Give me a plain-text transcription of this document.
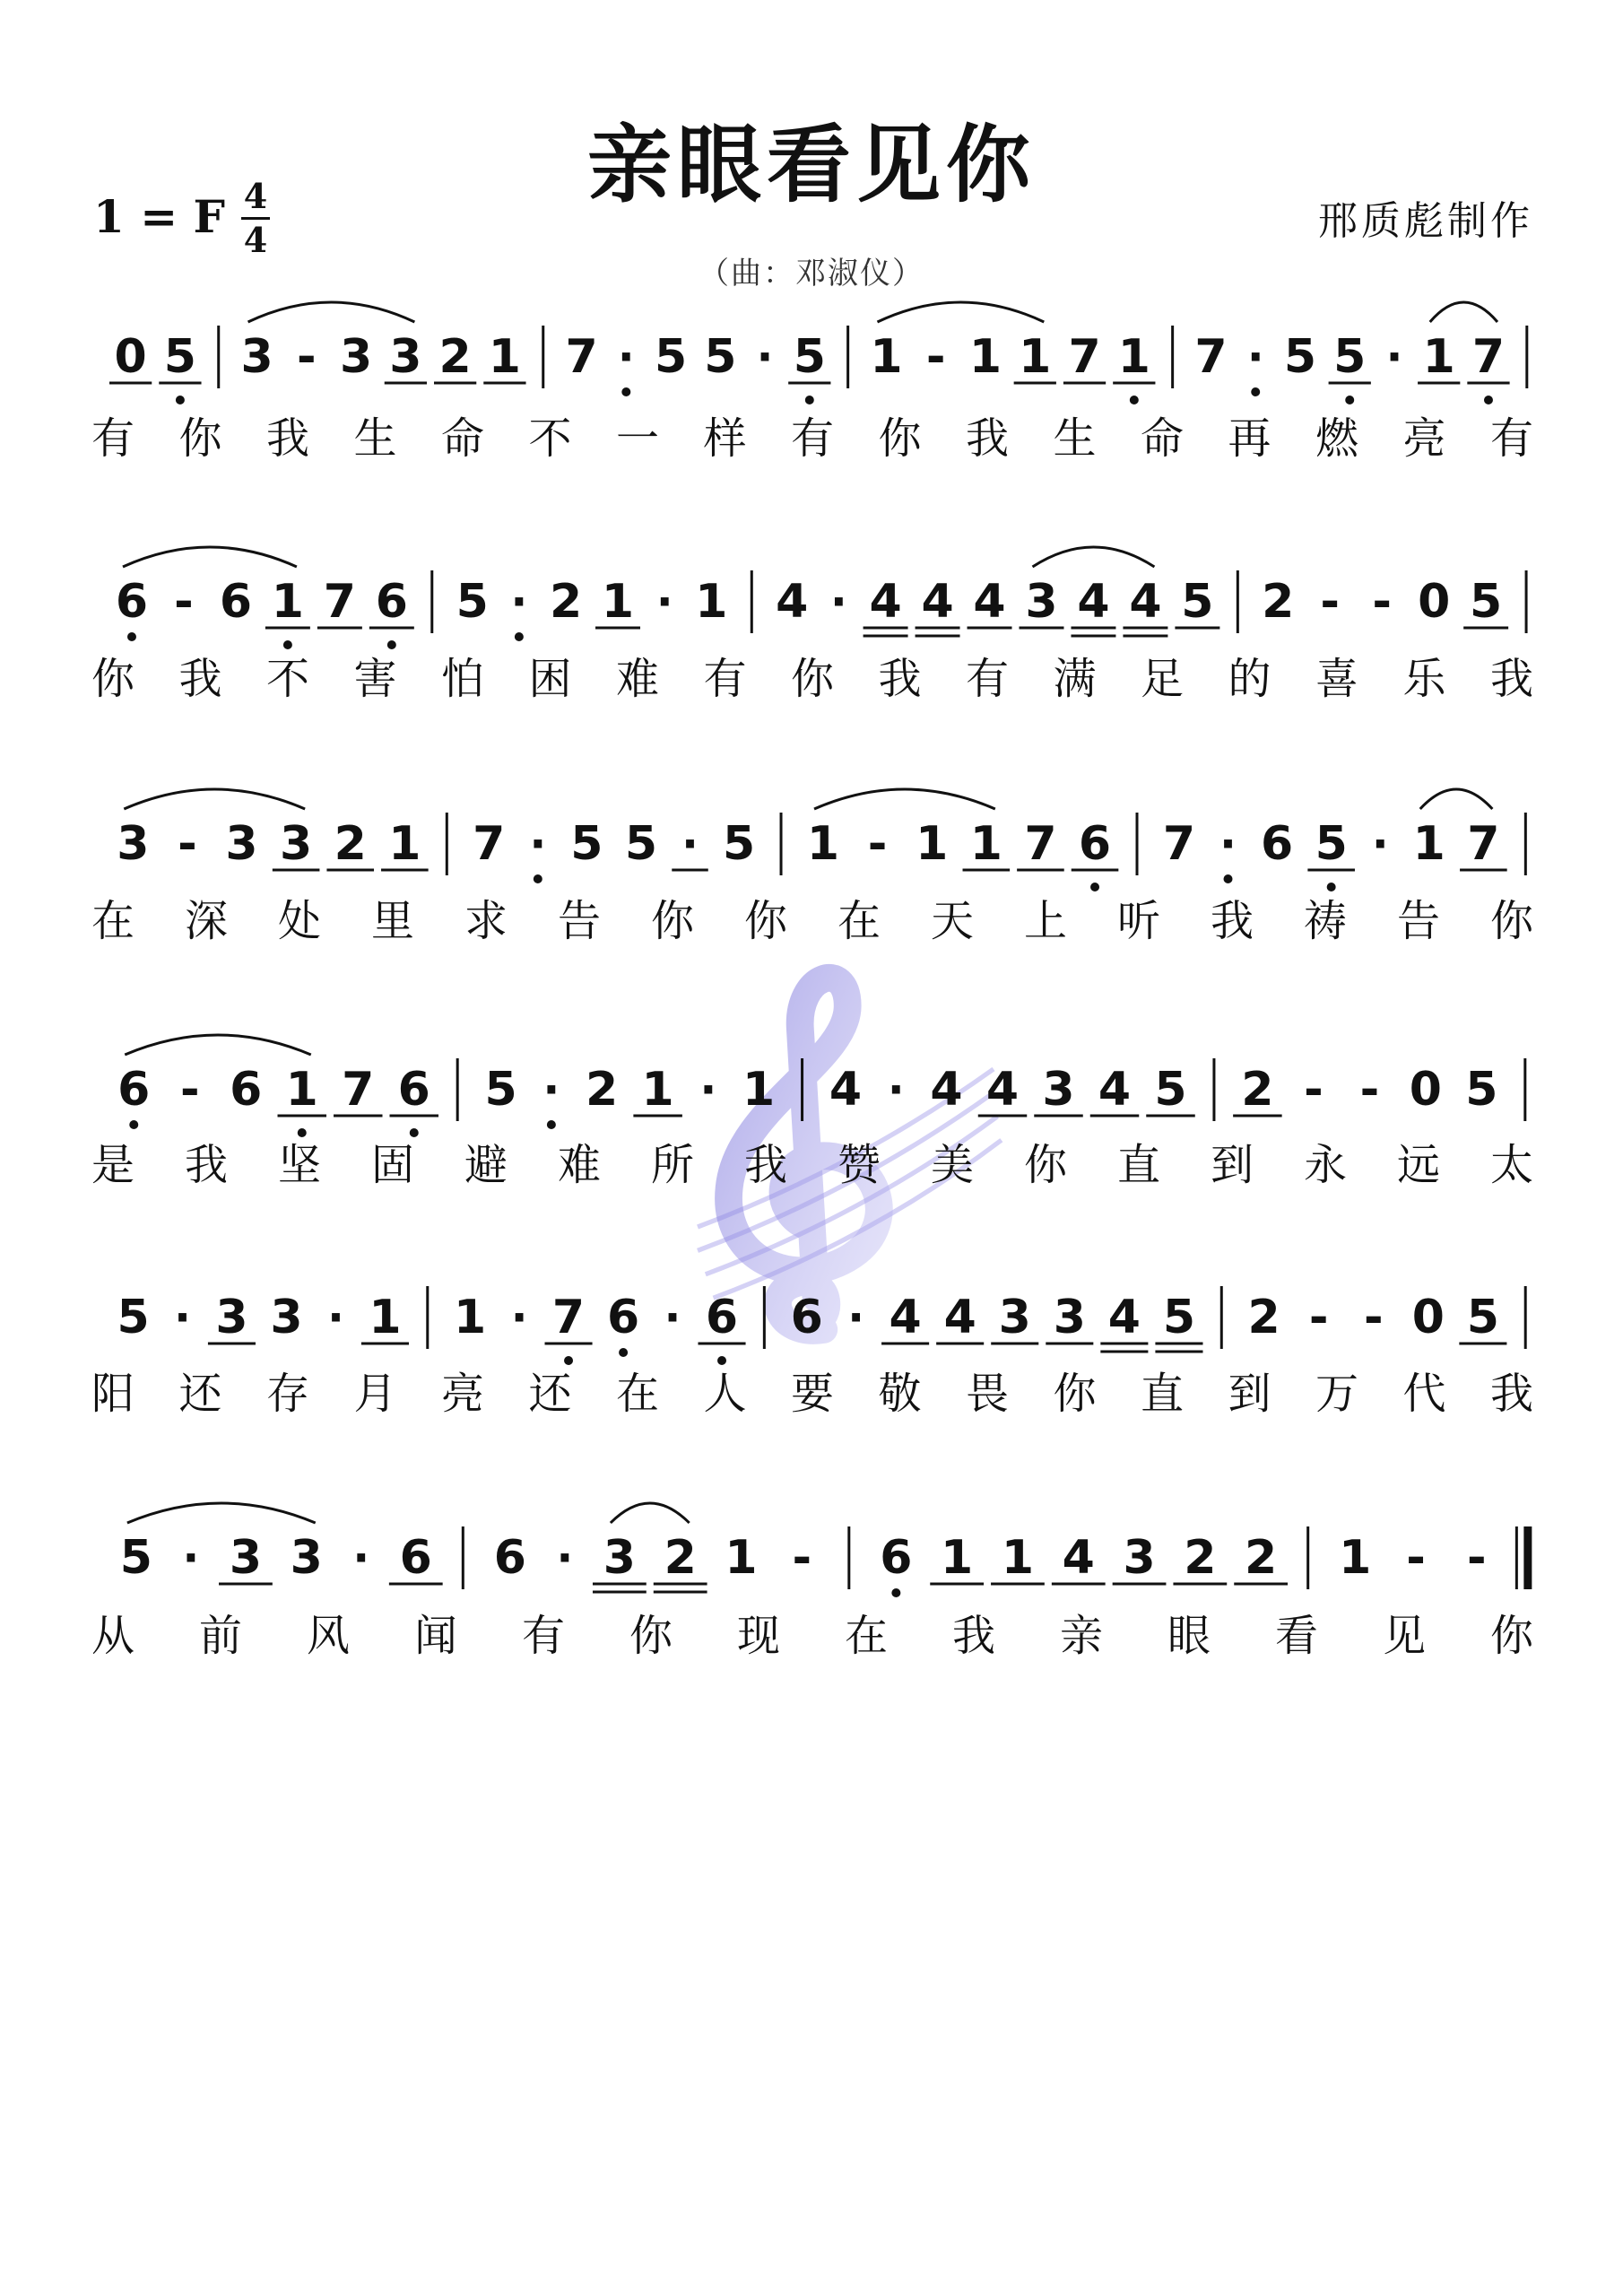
亲眼看见你
1 = F 4
4	邢质彪制作
（曲：邓淑仪）
0 5 3 - 3 3 2 1 7 · 5 5 · 5 1 - 1 1 7 1 7 · 5 5 · 1 7
6 - 6 1 7 6 5 · 2 1 · 1 4 · 4 4 4 3 4 4 5 2 - - 0 5
3 - 3 3 2 1 7 · 5 5 · 5 1 - 1 1 7 6 7 · 6 5 · 1 7
6 - 6 1 7 6 5 · 2 1 · 1 4 · 4 4 3 4 5 2 - - 0 5
5 · 3 3 · 1 1 · 7 6 · 6 6 · 4 4 3 3 4 5 2 - - 0 5
5 · 3 3 · 6 6 · 3 2 1 - 6 1 1 4 3 2 2 1 - -
有 你 我 生 命 不 一 样 有 你 我 生 命 再 燃 亮 有
你 我 不 害 怕 困 难 有 你 我 有 满 足 的 喜 乐 我
在 深 处 里 求 告 你 你 在 天 上 听 我 祷 告 你
是 我 坚 固 避 难 所 我 赞 美 你 直 到 永 远 太
阳 还 存 月 亮 还 在 人 要 敬 畏 你 直 到 万 代 我
从 前 风 闻 有 你 现 在 我 亲 眼 看 见 你
